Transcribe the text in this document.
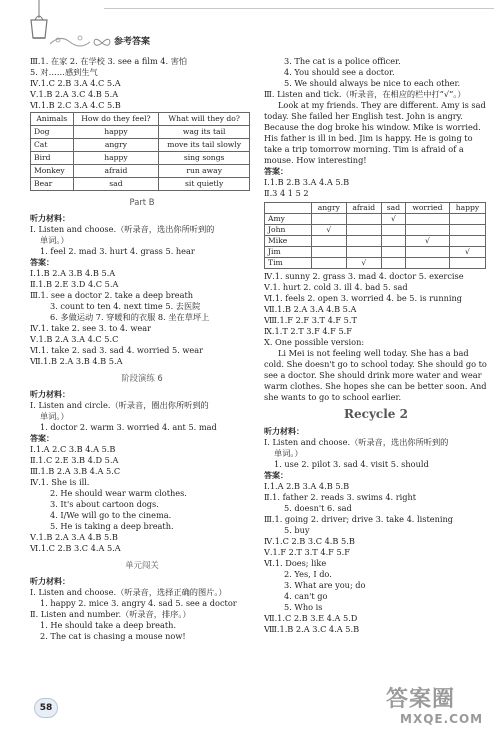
参考答案
Ⅲ.1. 在家 2. 在学校 3. see a film 4. 害怕
5. 对……感到生气
Ⅳ.1.C 2.B 3.A 4.C 5.A
Ⅴ.1.B 2.A 3.C 4.B 5.A
Ⅵ.1.B 2.C 3.A 4.C 5.B
Animals	How do they feel?	What will they do?
Dog	happy	wag its tail
Cat	angry	move its tail slowly
Bird	happy	sing songs
Monkey	afraid	run away
Bear	sad	sit quietly
Part B
听力材料：
Ⅰ. Listen and choose.（听录音，选出你所听到的
单词。）
1. feel 2. mad 3. hurt 4. grass 5. hear
答案：
Ⅰ.1.B 2.A 3.B 4.B 5.A
Ⅱ.1.B 2.E 3.D 4.C 5.A
Ⅲ.1. see a doctor 2. take a deep breath
3. count to ten 4. next time 5. 去医院
6. 多做运动 7. 穿暖和的衣服 8. 坐在草坪上
Ⅳ.1. take 2. see 3. to 4. wear
Ⅴ.1.B 2.A 3.A 4.C 5.C
Ⅵ.1. take 2. sad 3. sad 4. worried 5. wear
Ⅶ.1.B 2.A 3.B 4.B 5.A
阶段演练 6
听力材料：
Ⅰ. Listen and circle.（听录音，圈出你所听到的
单词。）
1. doctor 2. warm 3. worried 4. ant 5. mad
答案：
Ⅰ.1.A 2.C 3.B 4.A 5.B
Ⅱ.1.C 2.E 3.B 4.D 5.A
Ⅲ.1.B 2.A 3.B 4.A 5.C
Ⅳ.1. She is ill.
2. He should wear warm clothes.
3. It's about cartoon dogs.
4. I/We will go to the cinema.
5. He is taking a deep breath.
Ⅴ.1.B 2.A 3.A 4.B 5.B
Ⅵ.1.C 2.B 3.C 4.A 5.A
单元闯关
听力材料：
Ⅰ. Listen and choose.（听录音，选择正确的图片。）
1. happy 2. mice 3. angry 4. sad 5. see a doctor
Ⅱ. Listen and number.（听录音，排序。）
1. He should take a deep breath.
2. The cat is chasing a mouse now!
3. The cat is a police officer.
4. You should see a doctor.
5. We should always be nice to each other.
Ⅲ. Listen and tick.（听录音，在相应的栏中打“√”。）
Look at my friends. They are different. Amy is sad today. She failed her English test. John is angry. Because the dog broke his window. Mike is worried. His father is ill in bed. Jim is happy. He is going to take a trip tomorrow morning. Tim is afraid of a mouse. How interesting!
答案：
Ⅰ.1.B 2.B 3.A 4.A 5.B
Ⅱ.3 4 1 5 2
	angry	afraid	sad	worried	happy
Amy			√		
John	√				
Mike				√	
Jim					√
Tim		√			
Ⅳ.1. sunny 2. grass 3. mad 4. doctor 5. exercise
Ⅴ.1. hurt 2. cold 3. ill 4. bad 5. sad
Ⅵ.1. feels 2. open 3. worried 4. be 5. is running
Ⅶ.1.B 2.A 3.A 4.B 5.A
Ⅷ.1.F 2.F 3.T 4.F 5.T
Ⅸ.1.T 2.T 3.F 4.F 5.F
Ⅹ. One possible version:
Li Mei is not feeling well today. She has a bad cold. She doesn't go to school today. She should go to see a doctor. She should drink more water and wear warm clothes. She hopes she can be better soon. And she wants to go to school earlier.
Recycle 2
听力材料：
Ⅰ. Listen and choose.（听录音，选出你所听到的
单词。）
1. use 2. pilot 3. sad 4. visit 5. should
答案：
Ⅰ.1.A 2.B 3.A 4.B 5.B
Ⅱ.1. father 2. reads 3. swims 4. right
5. doesn't 6. sad
Ⅲ.1. going 2. driver; drive 3. take 4. listening
5. buy
Ⅳ.1.C 2.B 3.C 4.B 5.B
Ⅴ.1.F 2.T 3.T 4.F 5.F
Ⅵ.1. Does; like
2. Yes, I do.
3. What are you; do
4. can't go
5. Who is
Ⅶ.1.C 2.B 3.E 4.A 5.D
Ⅷ.1.B 2.A 3.C 4.A 5.B
58	答案圈
MXQE.COM
